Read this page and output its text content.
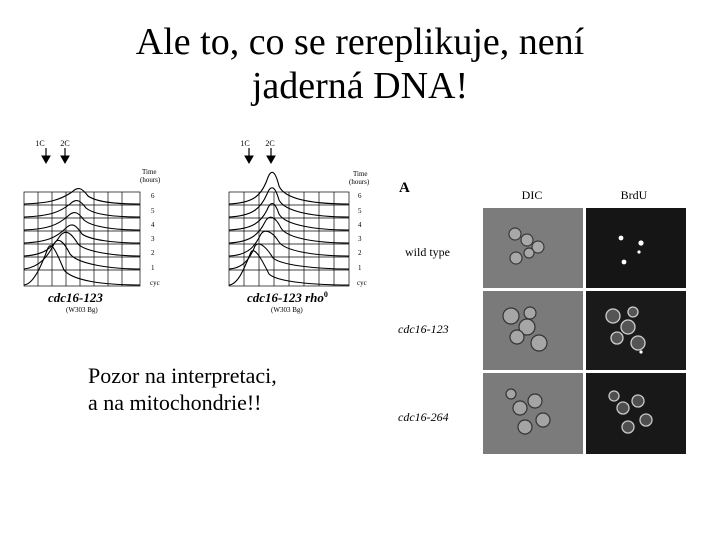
Ale to, co se rereplikuje, není
jaderná DNA!
1C 2C
Time
(hours)
6
5
4
3
2
1
cyc
cdc16-123
(W303 Bg)
1C 2C
Time
(hours)
6
5
4
3
2
1
cyc
cdc16-123 rho$^0$
(W303 Bg)
A	DIC	BrdU
wild type
cdc16-123
cdc16-264
Pozor na interpretaci,
a na mitochondrie!!
